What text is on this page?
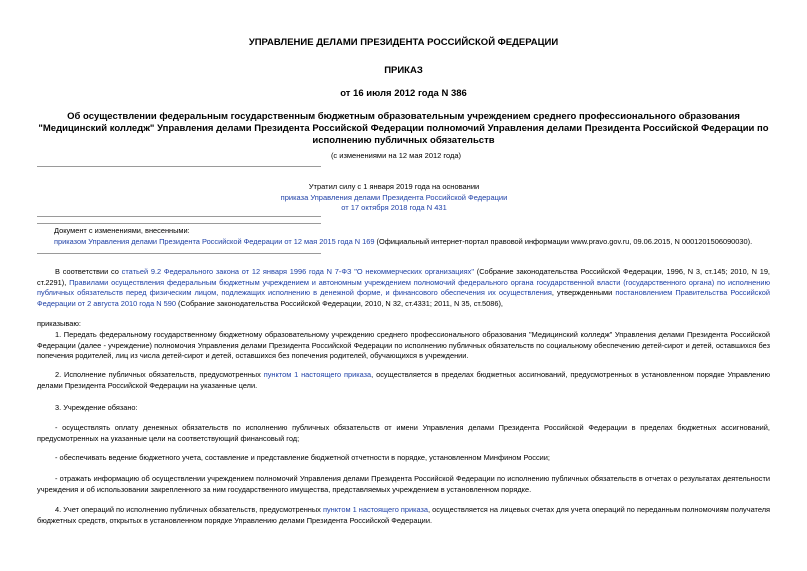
УПРАВЛЕНИЕ ДЕЛАМИ ПРЕЗИДЕНТА РОССИЙСКОЙ ФЕДЕРАЦИИ
ПРИКАЗ
от 16 июля 2012 года N 386
Об осуществлении федеральным государственным бюджетным образовательным учреждением среднего профессионального образования "Медицинский колледж" Управления делами Президента Российской Федерации полномочий Управления делами Президента Российской Федерации по исполнению публичных обязательств
(с изменениями на 12 мая 2012 года)
Утратил силу с 1 января 2019 года на основании
приказа Управления делами Президента Российской Федерации
от 17 октября 2018 года N 431
Документ с изменениями, внесенными:
приказом Управления делами Президента Российской Федерации от 12 мая 2015 года N 169 (Официальный интернет-портал правовой информации www.pravo.gov.ru, 09.06.2015, N 0001201506090030).
В соответствии со статьей 9.2 Федерального закона от 12 января 1996 года N 7-ФЗ "О некоммерческих организациях" (Собрание законодательства Российской Федерации, 1996, N 3, ст.145; 2010, N 19, ст.2291), Правилами осуществления федеральным бюджетным учреждением и автономным учреждением полномочий федерального органа государственной власти (государственного органа) по исполнению публичных обязательств перед физическим лицом, подлежащих исполнению в денежной форме, и финансового обеспечения их осуществления, утвержденными постановлением Правительства Российской Федерации от 2 августа 2010 года N 590 (Собрание законодательства Российской Федерации, 2010, N 32, ст.4331; 2011, N 35, ст.5086),
приказываю:
1. Передать федеральному государственному бюджетному образовательному учреждению среднего профессионального образования "Медицинский колледж" Управления делами Президента Российской Федерации (далее - учреждение) полномочия Управления делами Президента Российской Федерации по исполнению публичных обязательств по социальному обеспечению детей-сирот и детей, оставшихся без попечения родителей, лиц из числа детей-сирот и детей, оставшихся без попечения родителей, обучающихся в учреждении.
2. Исполнение публичных обязательств, предусмотренных пунктом 1 настоящего приказа, осуществляется в пределах бюджетных ассигнований, предусмотренных в установленном порядке Управлению делами Президента Российской Федерации на указанные цели.
3. Учреждение обязано:
- осуществлять оплату денежных обязательств по исполнению публичных обязательств от имени Управления делами Президента Российской Федерации в пределах бюджетных ассигнований, предусмотренных на указанные цели на соответствующий финансовый год;
- обеспечивать ведение бюджетного учета, составление и представление бюджетной отчетности в порядке, установленном Минфином России;
- отражать информацию об осуществлении учреждением полномочий Управления делами Президента Российской Федерации по исполнению публичных обязательств в отчетах о результатах деятельности учреждения и об использовании закрепленного за ним государственного имущества, представляемых учреждением в установленном порядке.
4. Учет операций по исполнению публичных обязательств, предусмотренных пунктом 1 настоящего приказа, осуществляется на лицевых счетах для учета операций по переданным полномочиям получателя бюджетных средств, открытых в установленном порядке Управлению делами Президента Российской Федерации.
